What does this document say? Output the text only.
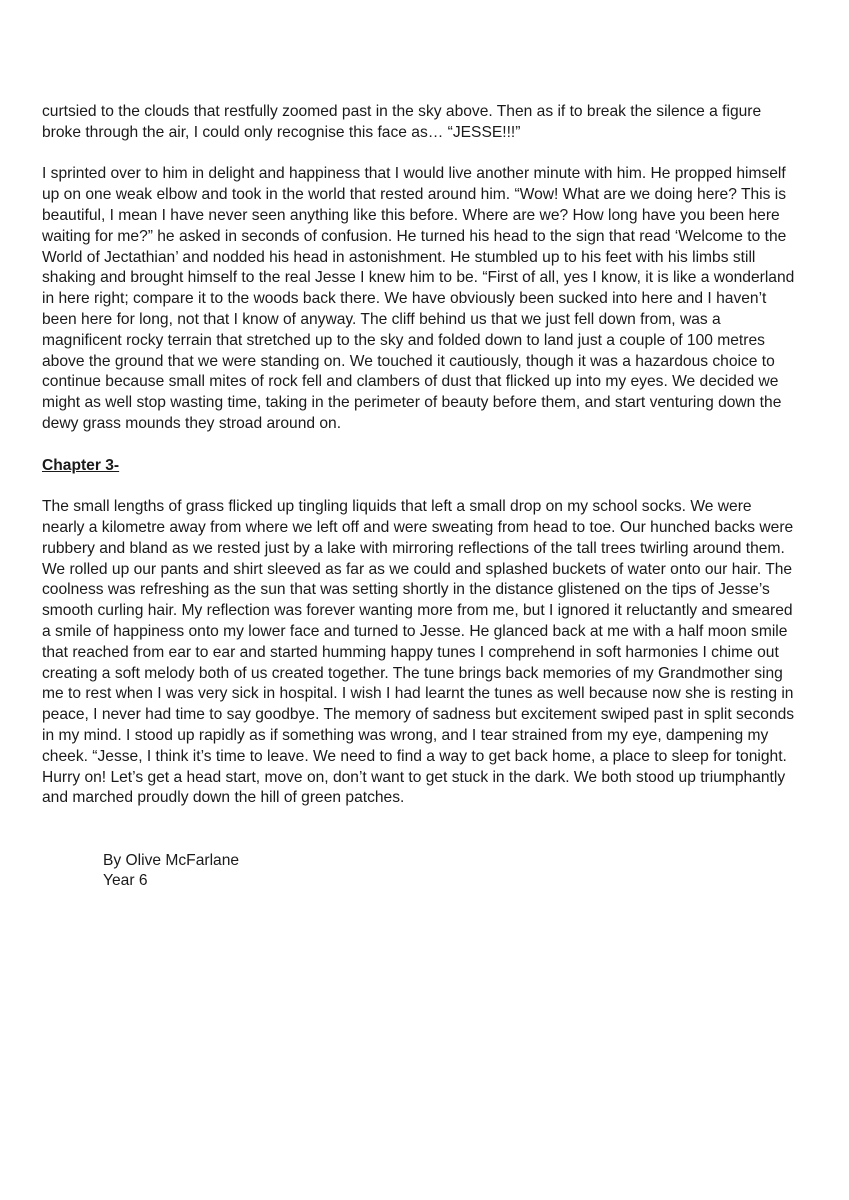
curtsied to the clouds that restfully zoomed past in the sky above. Then as if to break the silence a figure
broke through the air, I could only recognise this face as… “JESSE!!!”
I sprinted over to him in delight and happiness that I would live another minute with him. He propped himself
up on one weak elbow and took in the world that rested around him. “Wow! What are we doing here? This is
beautiful, I mean I have never seen anything like this before. Where are we? How long have you been here
waiting for me?” he asked in seconds of confusion. He turned his head to the sign that read ‘Welcome to the
World of Jectathian’ and nodded his head in astonishment. He stumbled up to his feet with his limbs still
shaking and brought himself to the real Jesse I knew him to be. “First of all, yes I know, it is like a wonderland
in here right; compare it to the woods back there. We have obviously been sucked into here and I haven’t
been here for long, not that I know of anyway. The cliff behind us that we just fell down from, was a
magnificent rocky terrain that stretched up to the sky and folded down to land just a couple of 100 metres
above the ground that we were standing on. We touched it cautiously, though it was a hazardous choice to
continue because small mites of rock fell and clambers of dust that flicked up into my eyes. We decided we
might as well stop wasting time, taking in the perimeter of beauty before them, and start venturing down the
dewy grass mounds they stroad around on.
Chapter 3-
The small lengths of grass flicked up tingling liquids that left a small drop on my school socks. We were
nearly a kilometre away from where we left off and were sweating from head to toe. Our hunched backs were
rubbery and bland as we rested just by a lake with mirroring reflections of the tall trees twirling around them.
We rolled up our pants and shirt sleeved as far as we could and splashed buckets of water onto our hair. The
coolness was refreshing as the sun that was setting shortly in the distance glistened on the tips of Jesse’s
smooth curling hair. My reflection was forever wanting more from me, but I ignored it reluctantly and smeared
a smile of happiness onto my lower face and turned to Jesse. He glanced back at me with a half moon smile
that reached from ear to ear and started humming happy tunes I comprehend in soft harmonies I chime out
creating a soft melody both of us created together. The tune brings back memories of my Grandmother sing
me to rest when I was very sick in hospital. I wish I had learnt the tunes as well because now she is resting in
peace, I never had time to say goodbye. The memory of sadness but excitement swiped past in split seconds
in my mind. I stood up rapidly as if something was wrong, and I tear strained from my eye, dampening my
cheek. “Jesse, I think it’s time to leave. We need to find a way to get back home, a place to sleep for tonight.
Hurry on! Let’s get a head start, move on, don’t want to get stuck in the dark. We both stood up triumphantly
and marched proudly down the hill of green patches.
By Olive McFarlane
Year 6
